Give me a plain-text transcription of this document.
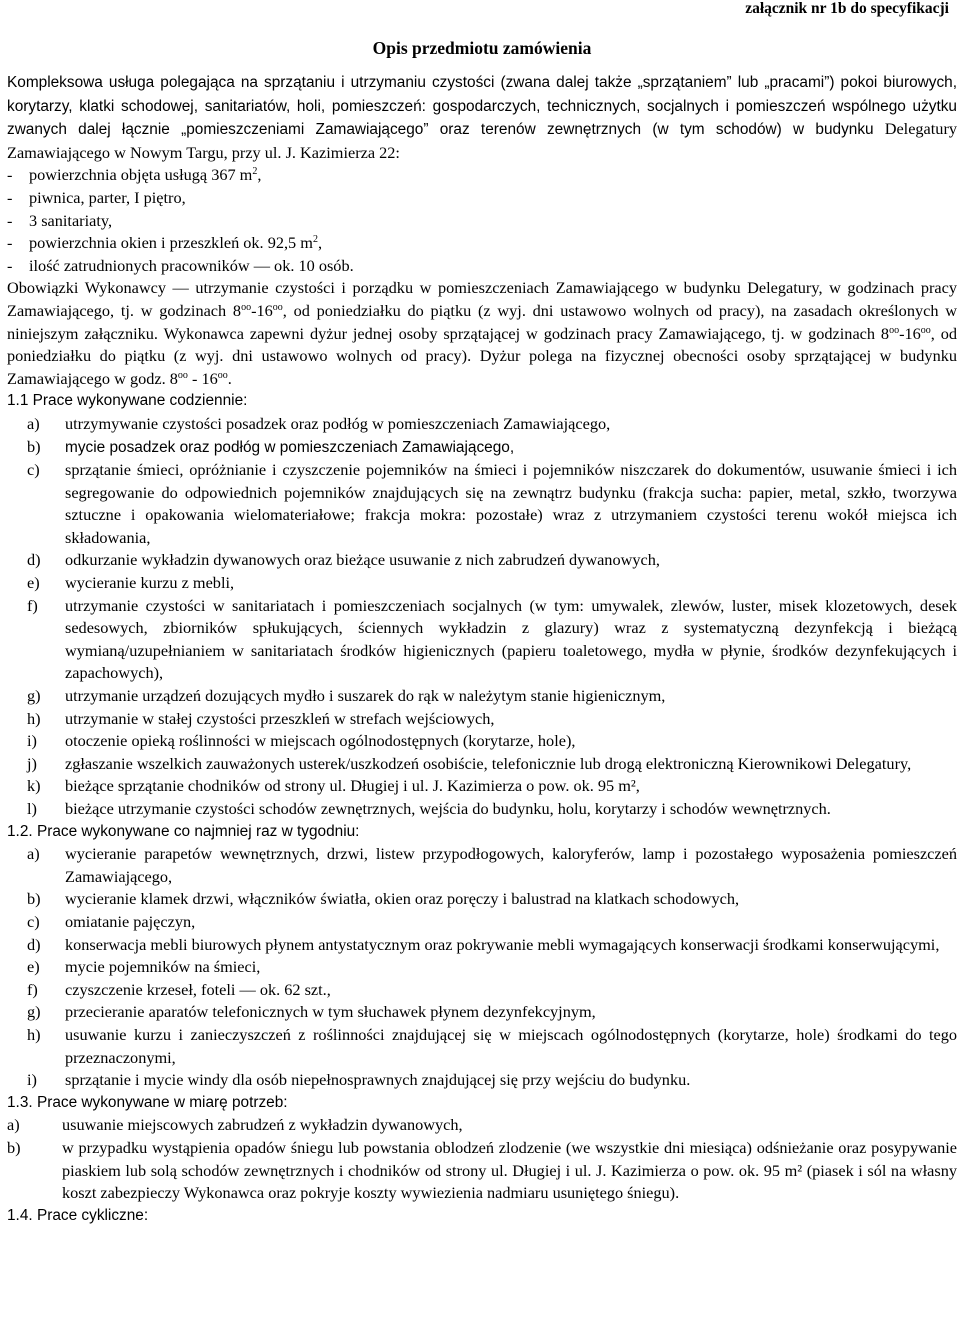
załącznik nr 1b do specyfikacji
Opis przedmiotu zamówienia

Kompleksowa usługa polegająca na sprzątaniu i utrzymaniu czystości (zwana dalej także „sprzątaniem” lub „pracami”) pokoi biurowych, korytarzy, klatki schodowej, sanitariatów, holi, pomieszczeń: gospodarczych, technicznych, socjalnych i pomieszczeń wspólnego użytku zwanych dalej łącznie „pomieszczeniami Zamawiającego” oraz terenów zewnętrznych (w tym schodów) w budynku Delegatury Zamawiającego w Nowym Targu, przy ul. J. Kazimierza 22:

- powierzchnia objęta usługą 367 $m^2$,
- piwnica, parter, I piętro,
- 3 sanitariaty,
- powierzchnia okien i przeszkleń ok. 92,5 $m^2$,
- ilość zatrudnionych pracowników — ok. 10 osób.

Obowiązki Wykonawcy — utrzymanie czystości i porządku w pomieszczeniach Zamawiającego w budynku Delegatury, w godzinach pracy Zamawiającego, tj. w godzinach $8^{oo}-16^{oo}$, od poniedziałku do piątku (z wyj. dni ustawowo wolnych od pracy), na zasadach określonych w niniejszym załączniku. Wykonawca zapewni dyżur jednej osoby sprzątającej w godzinach pracy Zamawiającego, tj. w godzinach $8^{oo}-16^{oo}$, od poniedziałku do piątku (z wyj. dni ustawowo wolnych od pracy). Dyżur polega na fizycznej obecności osoby sprzątającej w budynku Zamawiającego w godz. $8^{oo} - 16^{oo}$.

1.1 Prace wykonywane codziennie:

a) utrzymywanie czystości posadzek oraz podłóg w pomieszczeniach Zamawiającego,
b) mycie posadzek oraz podłóg w pomieszczeniach Zamawiającego,
c) sprzątanie śmieci, opróżnianie i czyszczenie pojemników na śmieci i pojemników niszczarek do dokumentów, usuwanie śmieci i ich segregowanie do odpowiednich pojemników znajdujących się na zewnątrz budynku (frakcja sucha: papier, metal, szkło, tworzywa sztuczne i opakowania wielomateriałowe; frakcja mokra: pozostałe) wraz z utrzymaniem czystości terenu wokół miejsca ich składowania,
d) odkurzanie wykładzin dywanowych oraz bieżące usuwanie z nich zabrudzeń dywanowych,
e) wycieranie kurzu z mebli,
f) utrzymanie czystości w sanitariatach i pomieszczeniach socjalnych (w tym: umywalek, zlewów, luster, misek klozetowych, desek sedesowych, zbiorników spłukujących, ściennych wykładzin z glazury) wraz z systematyczną dezynfekcją i bieżącą wymianą/uzupełnianiem w sanitariatach środków higienicznych (papieru toaletowego, mydła w płynie, środków dezynfekujących i zapachowych),
g) utrzymanie urządzeń dozujących mydło i suszarek do rąk w należytym stanie higienicznym,
h) utrzymanie w stałej czystości przeszkleń w strefach wejściowych,
i) otoczenie opieką roślinności w miejscach ogólnodostępnych (korytarze, hole),
j) zgłaszanie wszelkich zauważonych usterek/uszkodzeń osobiście, telefonicznie lub drogą elektroniczną Kierownikowi Delegatury,
k) bieżące sprzątanie chodników od strony ul. Długiej i ul. J. Kazimierza o pow. ok. 95 m²,
l) bieżące utrzymanie czystości schodów zewnętrznych, wejścia do budynku, holu, korytarzy i schodów wewnętrznych.

1.2. Prace wykonywane co najmniej raz w tygodniu:

a) wycieranie parapetów wewnętrznych, drzwi, listew przypodłogowych, kaloryferów, lamp i pozostałego wyposażenia pomieszczeń Zamawiającego,
b) wycieranie klamek drzwi, włączników światła, okien oraz poręczy i balustrad na klatkach schodowych,
c) omiatanie pajęczyn,
d) konserwacja mebli biurowych płynem antystatycznym oraz pokrywanie mebli wymagających konserwacji środkami konserwującymi,
e) mycie pojemników na śmieci,
f) czyszczenie krzeseł, foteli — ok. 62 szt.,
g) przecieranie aparatów telefonicznych w tym słuchawek płynem dezynfekcyjnym,
h) usuwanie kurzu i zanieczyszczeń z roślinności znajdującej się w miejscach ogólnodostępnych (korytarze, hole) środkami do tego przeznaczonymi,
i) sprzątanie i mycie windy dla osób niepełnosprawnych znajdującej się przy wejściu do budynku.

1.3. Prace wykonywane w miarę potrzeb:

a)	usuwanie miejscowych zabrudzeń z wykładzin dywanowych,
b)	w przypadku wystąpienia opadów śniegu lub powstania oblodzeń zlodzenie (we wszystkie dni miesiąca) odśnieżanie oraz posypywanie piaskiem lub solą schodów zewnętrznych i chodników od strony ul. Długiej i ul. J. Kazimierza o pow. ok. 95 m² (piasek i sól na własny koszt zabezpieczy Wykonawca oraz pokryje koszty wywiezienia nadmiaru usuniętego śniegu).

1.4. Prace cykliczne:
